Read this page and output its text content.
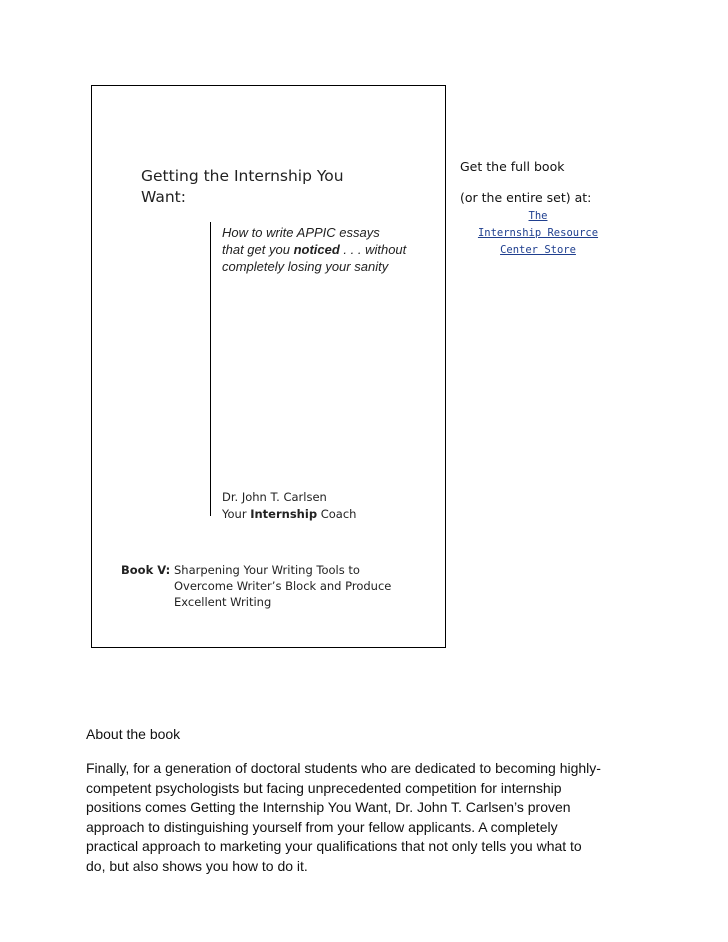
Getting the Internship You
Want:
How to write APPIC essays
that get you noticed . . . without
completely losing your sanity
Dr. John T. Carlsen
Your Internship Coach
Book V: Sharpening Your Writing Tools to
Overcome Writer’s Block and Produce
Excellent Writing
Get the full book
(or the entire set) at:
The
Internship Resource
Center Store
About the book
Finally, for a generation of doctoral students who are dedicated to becoming highly-
competent psychologists but facing unprecedented competition for internship
positions comes Getting the Internship You Want, Dr. John T. Carlsen’s proven
approach to distinguishing yourself from your fellow applicants. A completely
practical approach to marketing your qualifications that not only tells you what to
do, but also shows you how to do it.
